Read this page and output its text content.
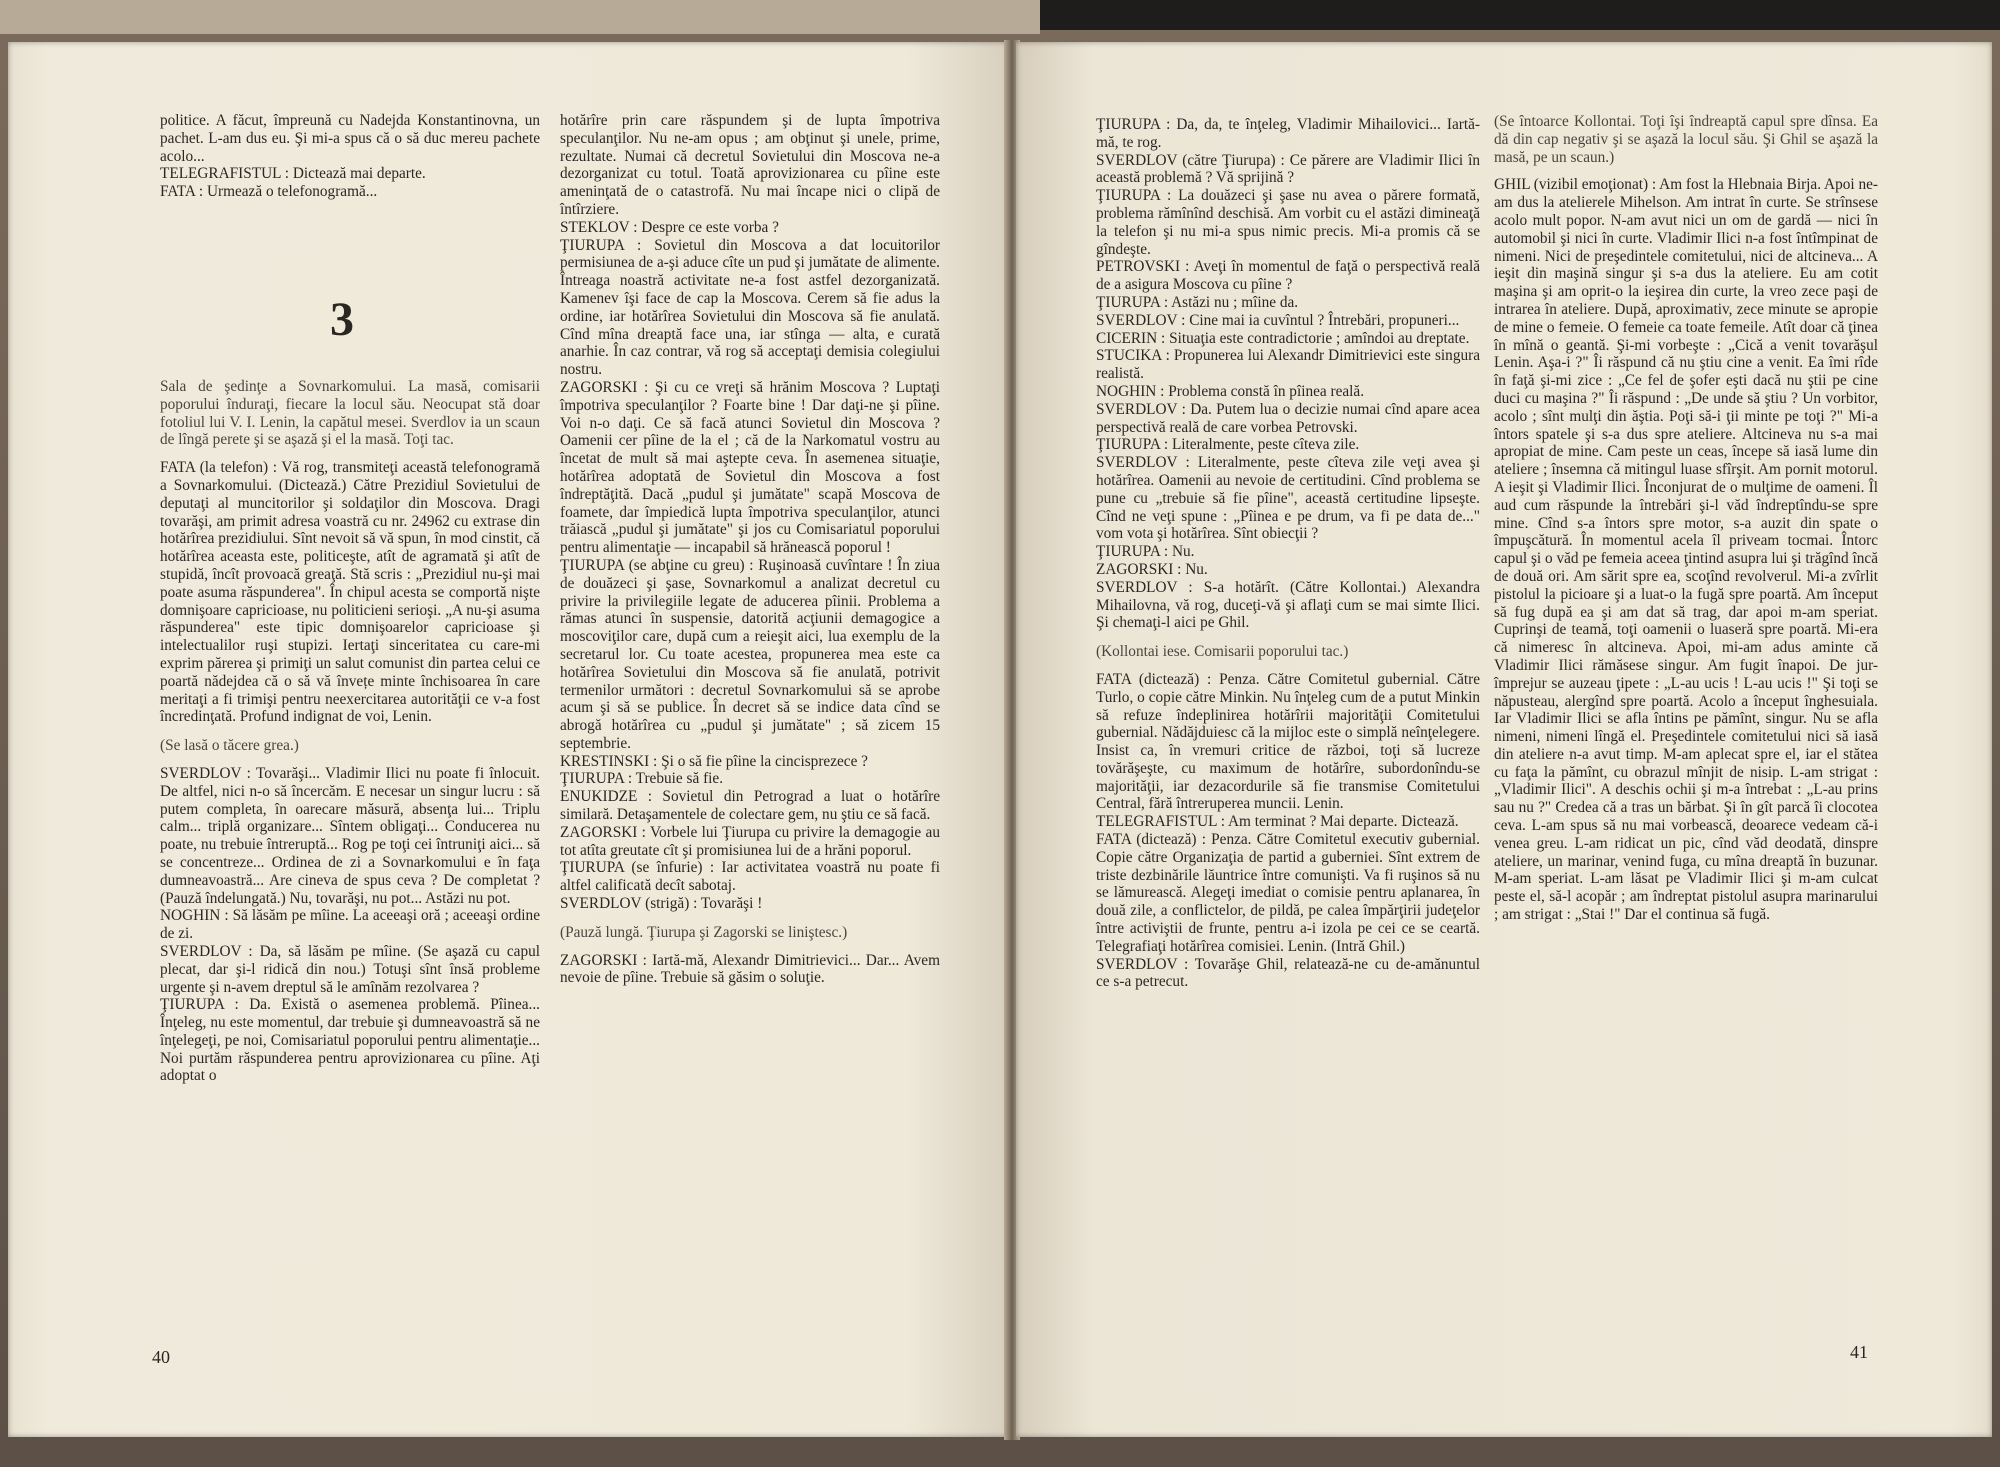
politice. A făcut, împreună cu Nadejda Konstantinovna, un pachet. L-am dus eu. Şi mi-a spus că o să duc mereu pachete acolo...

TELEGRAFISTUL : Dictează mai departe.

FATA : Urmează o telefonogramă...

3

Sala de şedinţe a Sovnarkomului. La masă, comisarii poporului înduraţi, fiecare la locul său. Neocupat stă doar fotoliul lui V. I. Lenin, la capătul mesei. Sverdlov ia un scaun de lîngă perete şi se aşază şi el la masă. Toţi tac.

FATA (la telefon) : Vă rog, transmiteţi această telefonogramă a Sovnarkomului. (Dictează.) Către Prezidiul Sovietului de deputaţi al muncitorilor şi soldaţilor din Moscova. Dragi tovarăşi, am primit adresa voastră cu nr. 24962 cu extrase din hotărîrea prezidiului. Sînt nevoit să vă spun, în mod cinstit, că hotărîrea aceasta este, politiceşte, atît de agramată şi atît de stupidă, încît provoacă greaţă. Stă scris : „Prezidiul nu-şi mai poate asuma răspunderea". În chipul acesta se comportă nişte domnişoare capricioase, nu politicieni serioşi. „A nu-şi asuma răspunderea" este tipic domnişoarelor capricioase şi intelectualilor ruşi stupizi. Iertaţi sinceritatea cu care-mi exprim părerea şi primiţi un salut comunist din partea celui ce poartă nădejdea că o să vă învețe minte închisoarea în care meritaţi a fi trimişi pentru neexercitarea autorităţii ce v-a fost încredinţată. Profund indignat de voi, Lenin.

(Se lasă o tăcere grea.)

SVERDLOV : Tovarăşi... Vladimir Ilici nu poate fi înlocuit. De altfel, nici n-o să încercăm. E necesar un singur lucru : să putem completa, în oarecare măsură, absenţa lui... Triplu calm... triplă organizare... Sîntem obligaţi... Conducerea nu poate, nu trebuie întreruptă... Rog pe toţi cei întruniţi aici... să se concentreze... Ordinea de zi a Sovnarkomului e în faţa dumneavoastră... Are cineva de spus ceva ? De completat ? (Pauză îndelungată.) Nu, tovarăşi, nu pot... Astăzi nu pot.

NOGHIN : Să lăsăm pe mîine. La aceeaşi oră ; aceeaşi ordine de zi.

SVERDLOV : Da, să lăsăm pe mîine. (Se aşază cu capul plecat, dar şi-l ridică din nou.) Totuşi sînt însă probleme urgente şi n-avem dreptul să le amînăm rezolvarea ?

ŢIURUPA : Da. Există o asemenea problemă. Pîinea... Înţeleg, nu este momentul, dar trebuie şi dumneavoastră să ne înţelegeţi, pe noi, Comisariatul poporului pentru alimentaţie... Noi purtăm răspunderea pentru aprovizionarea cu pîine. Aţi adoptat o

hotărîre prin care răspundem şi de lupta împotriva speculanţilor. Nu ne-am opus ; am obţinut şi unele, prime, rezultate. Numai că decretul Sovietului din Moscova ne-a dezorganizat cu totul. Toată aprovizionarea cu pîine este ameninţată de o catastrofă. Nu mai încape nici o clipă de întîrziere.

STEKLOV : Despre ce este vorba ?

ŢIURUPA : Sovietul din Moscova a dat locuitorilor permisiunea de a-şi aduce cîte un pud şi jumătate de alimente. Întreaga noastră activitate ne-a fost astfel dezorganizată. Kamenev îşi face de cap la Moscova. Cerem să fie adus la ordine, iar hotărîrea Sovietului din Moscova să fie anulată. Cînd mîna dreaptă face una, iar stînga — alta, e curată anarhie. În caz contrar, vă rog să acceptaţi demisia colegiului nostru.

ZAGORSKI : Şi cu ce vreţi să hrănim Moscova ? Luptaţi împotriva speculanţilor ? Foarte bine ! Dar daţi-ne şi pîine. Voi n-o daţi. Ce să facă atunci Sovietul din Moscova ? Oamenii cer pîine de la el ; că de la Narkomatul vostru au încetat de mult să mai aştepte ceva. În asemenea situaţie, hotărîrea adoptată de Sovietul din Moscova a fost îndreptăţită. Dacă „pudul şi jumătate" scapă Moscova de foamete, dar împiedică lupta împotriva speculanţilor, atunci trăiască „pudul şi jumătate" şi jos cu Comisariatul poporului pentru alimentaţie — incapabil să hrănească poporul !

ŢIURUPA (se abţine cu greu) : Ruşinoasă cuvîntare ! În ziua de douăzeci şi şase, Sovnarkomul a analizat decretul cu privire la privilegiile legate de aducerea pîinii. Problema a rămas atunci în suspensie, datorită acţiunii demagogice a moscoviţilor care, după cum a reieşit aici, lua exemplu de la secretarul lor. Cu toate acestea, propunerea mea este ca hotărîrea Sovietului din Moscova să fie anulată, potrivit termenilor următori : decretul Sovnarkomului să se aprobe acum şi să se publice. În decret să se indice data cînd se abrogă hotărîrea cu „pudul şi jumătate" ; să zicem 15 septembrie.

KRESTINSKI : Şi o să fie pîine la cincisprezece ?

ŢIURUPA : Trebuie să fie.

ENUKIDZE : Sovietul din Petrograd a luat o hotărîre similară. Detaşamentele de colectare gem, nu ştiu ce să facă.

ZAGORSKI : Vorbele lui Ţiurupa cu privire la demagogie au tot atîta greutate cît şi promisiunea lui de a hrăni poporul.

ŢIURUPA (se înfurie) : Iar activitatea voastră nu poate fi altfel calificată decît sabotaj.

SVERDLOV (strigă) : Tovarăşi !

(Pauză lungă. Ţiurupa şi Zagorski se liniştesc.)

ZAGORSKI : Iartă-mă, Alexandr Dimitrievici... Dar... Avem nevoie de pîine. Trebuie să găsim o soluţie.

40

ŢIURUPA : Da, da, te înţeleg, Vladimir Mihailovici... Iartă-mă, te rog.

SVERDLOV (către Ţiurupa) : Ce părere are Vladimir Ilici în această problemă ? Vă sprijină ?

ŢIURUPA : La douăzeci şi şase nu avea o părere formată, problema rămînînd deschisă. Am vorbit cu el astăzi dimineaţă la telefon şi nu mi-a spus nimic precis. Mi-a promis că se gîndeşte.

PETROVSKI : Aveţi în momentul de faţă o perspectivă reală de a asigura Moscova cu pîine ?

ŢIURUPA : Astăzi nu ; mîine da.

SVERDLOV : Cine mai ia cuvîntul ? Întrebări, propuneri...

CICERIN : Situaţia este contradictorie ; amîndoi au dreptate.

STUCIKA : Propunerea lui Alexandr Dimitrievici este singura realistă.

NOGHIN : Problema constă în pîinea reală.

SVERDLOV : Da. Putem lua o decizie numai cînd apare acea perspectivă reală de care vorbea Petrovski.

ŢIURUPA : Literalmente, peste cîteva zile.

SVERDLOV : Literalmente, peste cîteva zile veţi avea şi hotărîrea. Oamenii au nevoie de certitudini. Cînd problema se pune cu „trebuie să fie pîine", această certitudine lipseşte. Cînd ne veţi spune : „Pîinea e pe drum, va fi pe data de..." vom vota şi hotărîrea. Sînt obiecţii ?

ŢIURUPA : Nu.

ZAGORSKI : Nu.

SVERDLOV : S-a hotărît. (Către Kollontai.) Alexandra Mihailovna, vă rog, duceţi-vă şi aflaţi cum se mai simte Ilici. Şi chemaţi-l aici pe Ghil.

(Kollontai iese. Comisarii poporului tac.)

FATA (dictează) : Penza. Către Comitetul gubernial. Către Turlo, o copie către Minkin. Nu înţeleg cum de a putut Minkin să refuze îndeplinirea hotărîrii majorităţii Comitetului gubernial. Nădăjduiesc că la mijloc este o simplă neînţelegere. Insist ca, în vremuri critice de război, toţi să lucreze tovărăşeşte, cu maximum de hotărîre, subordonîndu-se majorităţii, iar dezacordurile să fie transmise Comitetului Central, fără întreruperea muncii. Lenin.

TELEGRAFISTUL : Am terminat ? Mai departe. Dictează.

FATA (dictează) : Penza. Către Comitetul executiv gubernial. Copie către Organizaţia de partid a guberniei. Sînt extrem de triste dezbinările lăuntrice între comunişti. Va fi ruşinos să nu se lămurească. Alegeţi imediat o comisie pentru aplanarea, în două zile, a conflictelor, de pildă, pe calea împărţirii judeţelor între activiştii de frunte, pentru a-i izola pe cei ce se ceartă. Telegrafiaţi hotărîrea comisiei. Lenin. (Intră Ghil.)

SVERDLOV : Tovarăşe Ghil, relatează-ne cu de-amănuntul ce s-a petrecut.

(Se întoarce Kollontai. Toţi îşi îndreaptă capul spre dînsa. Ea dă din cap negativ şi se aşază la locul său. Şi Ghil se aşază la masă, pe un scaun.)

GHIL (vizibil emoţionat) : Am fost la Hlebnaia Birja. Apoi ne-am dus la atelierele Mihelson. Am intrat în curte. Se strînsese acolo mult popor. N-am avut nici un om de gardă — nici în automobil şi nici în curte. Vladimir Ilici n-a fost întîmpinat de nimeni. Nici de preşedintele comitetului, nici de altcineva... A ieşit din maşină singur şi s-a dus la ateliere. Eu am cotit maşina şi am oprit-o la ieşirea din curte, la vreo zece paşi de intrarea în ateliere. După, aproximativ, zece minute se apropie de mine o femeie. O femeie ca toate femeile. Atît doar că ţinea în mînă o geantă. Şi-mi vorbeşte : „Cică a venit tovarăşul Lenin. Aşa-i ?" Îi răspund că nu ştiu cine a venit. Ea îmi rîde în faţă şi-mi zice : „Ce fel de şofer eşti dacă nu ştii pe cine duci cu maşina ?" Îi răspund : „De unde să ştiu ? Un vorbitor, acolo ; sînt mulţi din ăştia. Poţi să-i ţii minte pe toţi ?" Mi-a întors spatele şi s-a dus spre ateliere. Altcineva nu s-a mai apropiat de mine. Cam peste un ceas, începe să iasă lume din ateliere ; însemna că mitingul luase sfîrşit. Am pornit motorul. A ieşit şi Vladimir Ilici. Înconjurat de o mulţime de oameni. Îl aud cum răspunde la întrebări şi-l văd îndreptîndu-se spre mine. Cînd s-a întors spre motor, s-a auzit din spate o împuşcătură. În momentul acela îl priveam tocmai. Întorc capul şi o văd pe femeia aceea ţintind asupra lui şi trăgînd încă de două ori. Am sărit spre ea, scoţînd revolverul. Mi-a zvîrlit pistolul la picioare şi a luat-o la fugă spre poartă. Am început să fug după ea şi am dat să trag, dar apoi m-am speriat. Cuprinşi de teamă, toţi oamenii o luaseră spre poartă. Mi-era că nimeresc în altcineva. Apoi, mi-am adus aminte că Vladimir Ilici rămăsese singur. Am fugit înapoi. De jur-împrejur se auzeau ţipete : „L-au ucis ! L-au ucis !" Şi toţi se năpusteau, alergînd spre poartă. Acolo a început înghesuiala. Iar Vladimir Ilici se afla întins pe pămînt, singur. Nu se afla nimeni, nimeni lîngă el. Preşedintele comitetului nici să iasă din ateliere n-a avut timp. M-am aplecat spre el, iar el stătea cu faţa la pămînt, cu obrazul mînjit de nisip. L-am strigat : „Vladimir Ilici". A deschis ochii şi m-a întrebat : „L-au prins sau nu ?" Credea că a tras un bărbat. Şi în gît parcă îi clocotea ceva. L-am spus să nu mai vorbească, deoarece vedeam că-i venea greu. L-am ridicat un pic, cînd văd deodată, dinspre ateliere, un marinar, venind fuga, cu mîna dreaptă în buzunar. M-am speriat. L-am lăsat pe Vladimir Ilici şi m-am culcat peste el, să-l acopăr ; am îndreptat pistolul asupra marinarului ; am strigat : „Stai !" Dar el continua să fugă.

41
